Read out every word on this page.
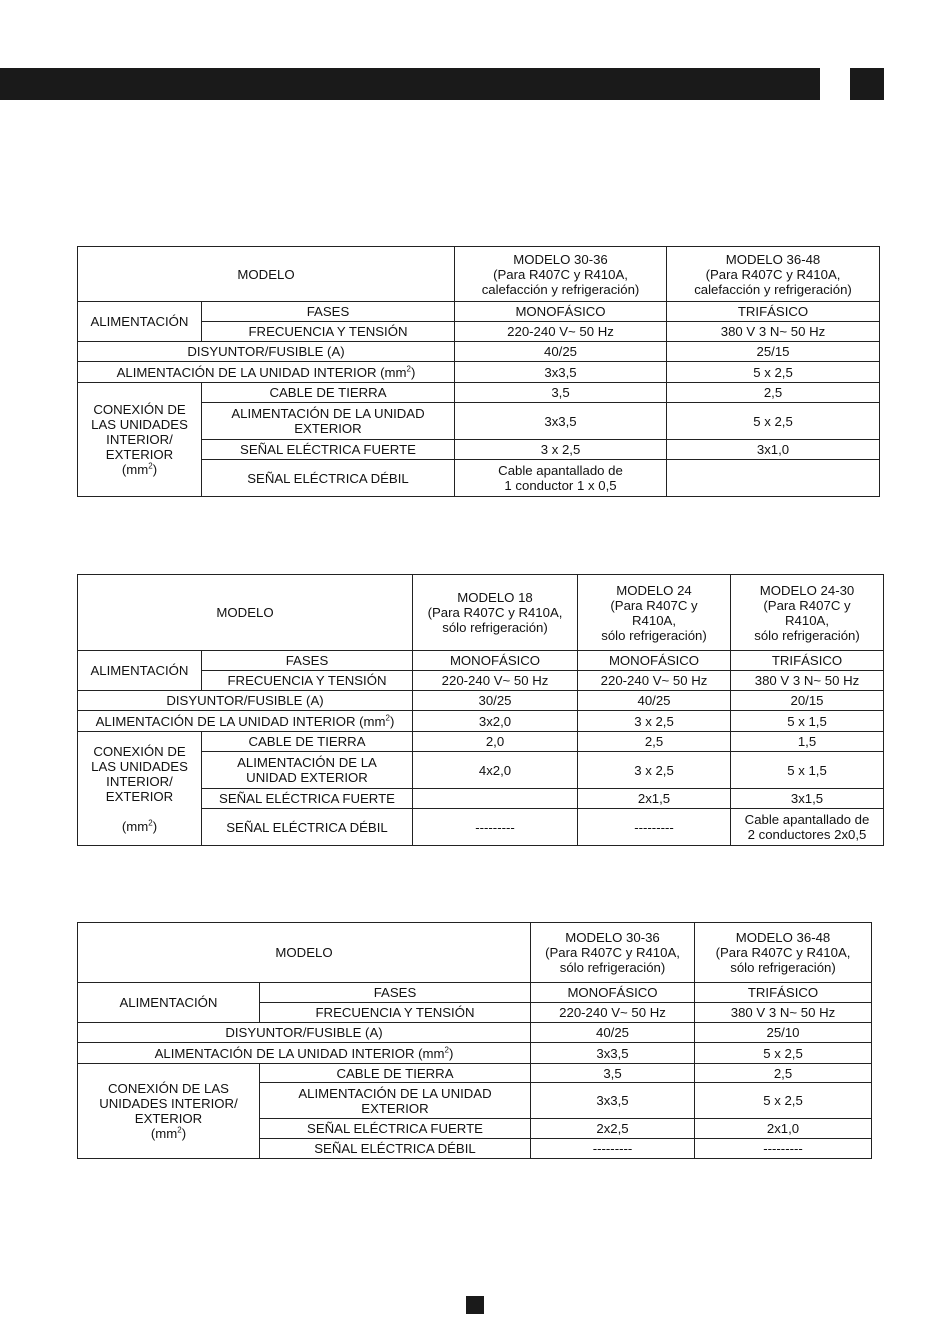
MODELO		MODELO 30-36
(Para R407C y R410A,
calefacción y refrigeración)	MODELO 36-48
(Para R407C y R410A,
calefacción y refrigeración)
ALIMENTACIÓN	FASES	MONOFÁSICO	TRIFÁSICO
	FRECUENCIA Y TENSIÓN	220-240 V~ 50 Hz	380 V 3 N~ 50 Hz
DISYUNTOR/FUSIBLE (A)		40/25	25/15
ALIMENTACIÓN DE LA UNIDAD INTERIOR $(mm^2)$		3x3,5	5 x 2,5
CONEXIÓN DE
LAS UNIDADES
INTERIOR/
EXTERIOR
$(mm^2)$	CABLE DE TIERRA	3,5	2,5
	ALIMENTACIÓN DE LA UNIDAD
EXTERIOR	3x3,5	5 x 2,5
	SEÑAL ELÉCTRICA FUERTE	3 x 2,5	3x1,0
	SEÑAL ELÉCTRICA DÉBIL	Cable apantallado de
1 conductor 1 x 0,5	
MODELO		MODELO 18
(Para R407C y R410A,
sólo refrigeración)	MODELO 24
(Para R407C y
R410A,
sólo refrigeración)	MODELO 24-30
(Para R407C y
R410A,
sólo refrigeración)
ALIMENTACIÓN	FASES	MONOFÁSICO	MONOFÁSICO	TRIFÁSICO
	FRECUENCIA Y TENSIÓN	220-240 V~ 50 Hz	220-240 V~ 50 Hz	380 V 3 N~ 50 Hz
DISYUNTOR/FUSIBLE (A)		30/25	40/25	20/15
ALIMENTACIÓN DE LA UNIDAD INTERIOR $(mm^2)$		3x2,0	3 x 2,5	5 x 1,5
CONEXIÓN DE
LAS UNIDADES
INTERIOR/
EXTERIOR

$(mm^2)$	CABLE DE TIERRA	2,0	2,5	1,5
	ALIMENTACIÓN DE LA
UNIDAD EXTERIOR	4x2,0	3 x 2,5	5 x 1,5
	SEÑAL ELÉCTRICA FUERTE		2x1,5	3x1,5
	SEÑAL ELÉCTRICA DÉBIL	---------	---------	Cable apantallado de
2 conductores 2x0,5
MODELO		MODELO 30-36
(Para R407C y R410A,
sólo refrigeración)	MODELO 36-48
(Para R407C y R410A,
sólo refrigeración)
ALIMENTACIÓN	FASES	MONOFÁSICO	TRIFÁSICO
	FRECUENCIA Y TENSIÓN	220-240 V~ 50 Hz	380 V 3 N~ 50 Hz
DISYUNTOR/FUSIBLE (A)		40/25	25/10
ALIMENTACIÓN DE LA UNIDAD INTERIOR $(mm^2)$		3x3,5	5 x 2,5
CONEXIÓN DE LAS
UNIDADES INTERIOR/
EXTERIOR
$(mm^2)$	CABLE DE TIERRA	3,5	2,5
	ALIMENTACIÓN DE LA UNIDAD
EXTERIOR	3x3,5	5 x 2,5
	SEÑAL ELÉCTRICA FUERTE	2x2,5	2x1,0
	SEÑAL ELÉCTRICA DÉBIL	---------	---------
